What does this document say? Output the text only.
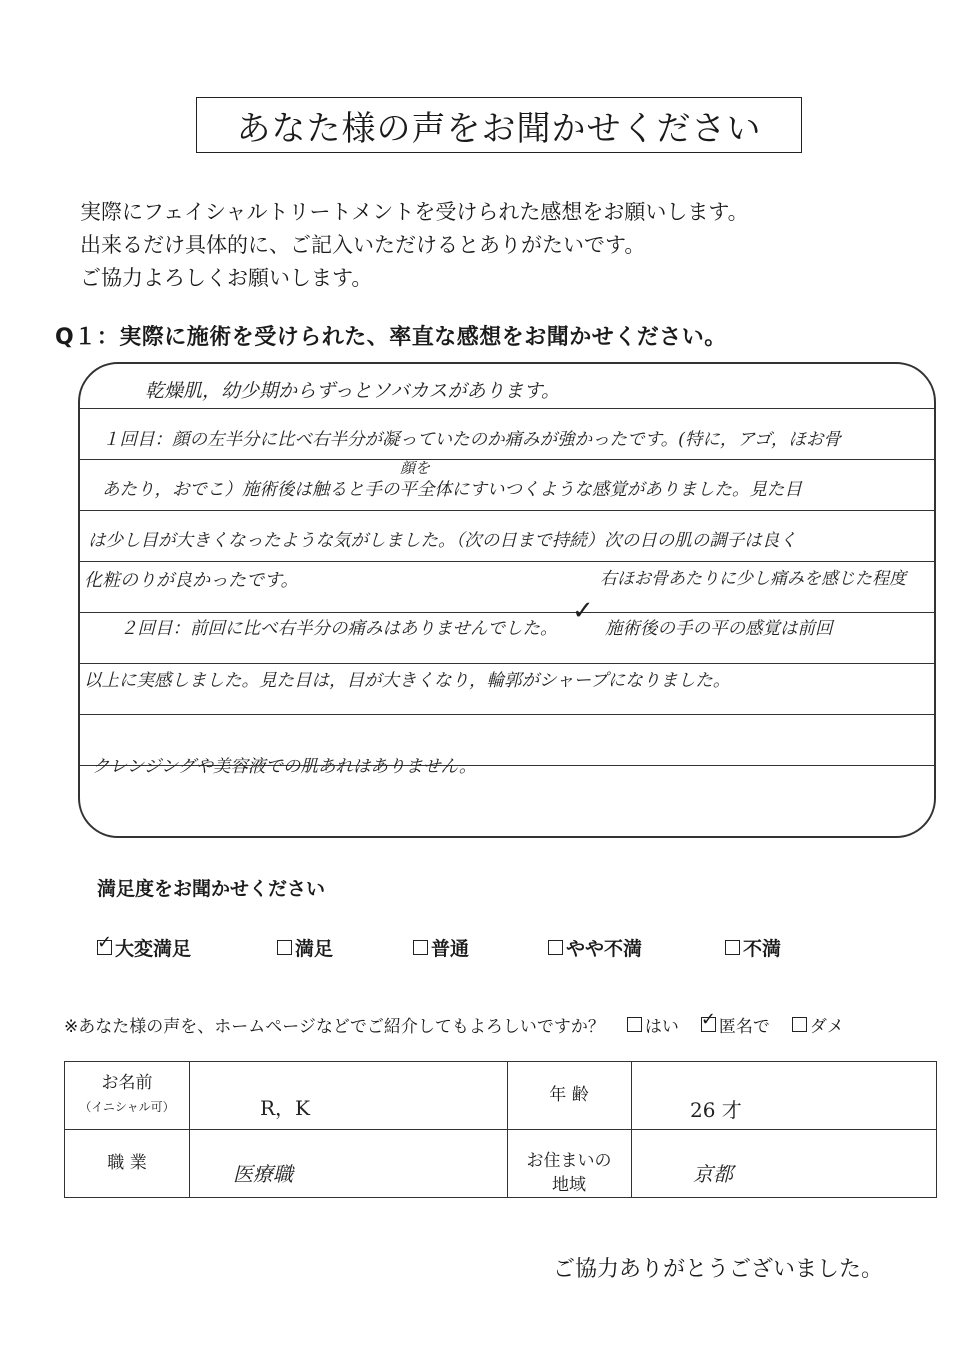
あなた様の声をお聞かせください
実際にフェイシャルトリートメントを受けられた感想をお願いします。
出来るだけ具体的に、ご記入いただけるとありがたいです。
ご協力よろしくお願いします。
Q１：実際に施術を受けられた、率直な感想をお聞かせください。
乾燥肌，幼少期からずっとソバカスがあります。
１回目：顔の左半分に比べ右半分が凝っていたのか痛みが強かったです。(特に，アゴ，ほお骨
顔を
あたり，おでこ）施術後は触ると手の平全体にすいつくような感覚がありました。見た目
は少し目が大きくなったような気がしました。（次の日まで持続）次の日の肌の調子は良く
化粧のりが良かったです。	右ほお骨あたりに少し痛みを感じた程度
２回目：前回に比べ右半分の痛みはありませんでした。
✓
施術後の手の平の感覚は前回
以上に実感しました。見た目は，目が大きくなり，輪郭がシャープになりました。
クレンジングや美容液での肌あれはありません。
満足度をお聞かせください
✓
大変満足	満足	普通	やや不満	不満
※あなた様の声を、ホームページなどでご紹介してもよろしいですか？ はい
✓ 匿名で ダメ
お名前
（イニシャル可）	R，K
年 齢
26 才
職 業	医療職
お住まいの
地域	京都
ご協力ありがとうございました。
